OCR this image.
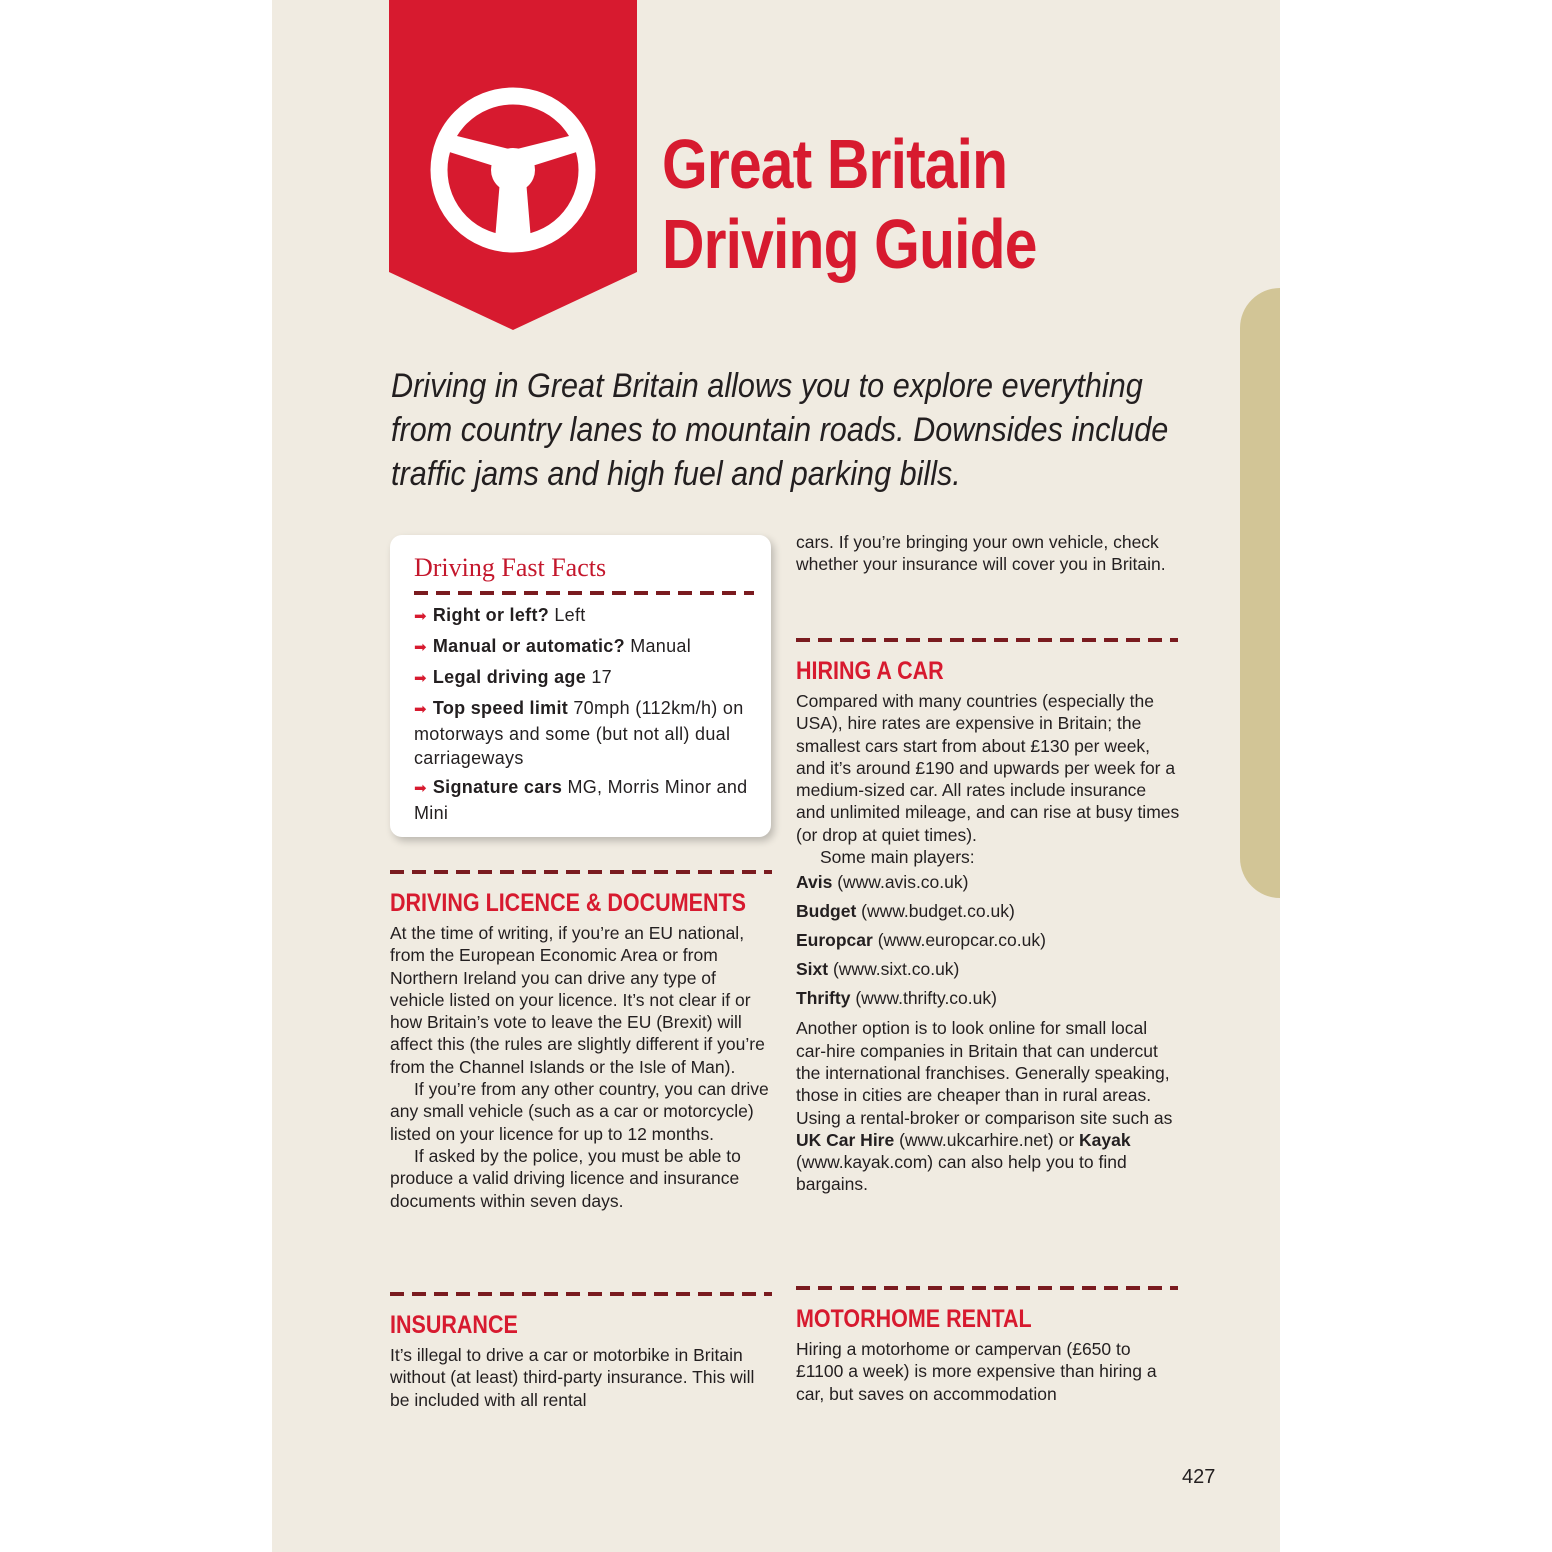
Great Britain
Driving Guide

Driving in Great Britain allows you to explore everything
from country lanes to mountain roads. Downsides include
traffic jams and high fuel and parking bills.

Driving Fast Facts

➡ Right or left? Left

➡ Manual or automatic? Manual

➡ Legal driving age 17

➡ Top speed limit 70mph (112km/h) on motorways and some (but not all) dual carriageways

➡ Signature cars MG, Morris Minor and Mini

DRIVING LICENCE & DOCUMENTS

At the time of writing, if you’re an EU national, from the European Economic Area or from Northern Ireland you can drive any type of vehicle listed on your licence. It’s not clear if or how Britain’s vote to leave the EU (Brexit) will affect this (the rules are slightly different if you’re from the Channel Islands or the Isle of Man).

If you’re from any other country, you can drive any small vehicle (such as a car or motorcycle) listed on your licence for up to 12 months.

If asked by the police, you must be able to produce a valid driving licence and insurance documents within seven days.

INSURANCE

It’s illegal to drive a car or motorbike in Britain without (at least) third-party insurance. This will be included with all rental

cars. If you’re bringing your own vehicle, check whether your insurance will cover you in Britain.

HIRING A CAR

Compared with many countries (especially the USA), hire rates are expensive in Britain; the smallest cars start from about £130 per week, and it’s around £190 and upwards per week for a medium-sized car. All rates include insurance and unlimited mileage, and can rise at busy times (or drop at quiet times).

Some main players:

Avis (www.avis.co.uk)

Budget (www.budget.co.uk)

Europcar (www.europcar.co.uk)

Sixt (www.sixt.co.uk)

Thrifty (www.thrifty.co.uk)

Another option is to look online for small local car-hire companies in Britain that can undercut the international franchises. Generally speaking, those in cities are cheaper than in rural areas. Using a rental-broker or comparison site such as UK Car Hire (www.ukcarhire.net) or Kayak (www.kayak.com) can also help you to find bargains.

MOTORHOME RENTAL

Hiring a motorhome or campervan (£650 to £1100 a week) is more expensive than hiring a car, but saves on accommodation

427
